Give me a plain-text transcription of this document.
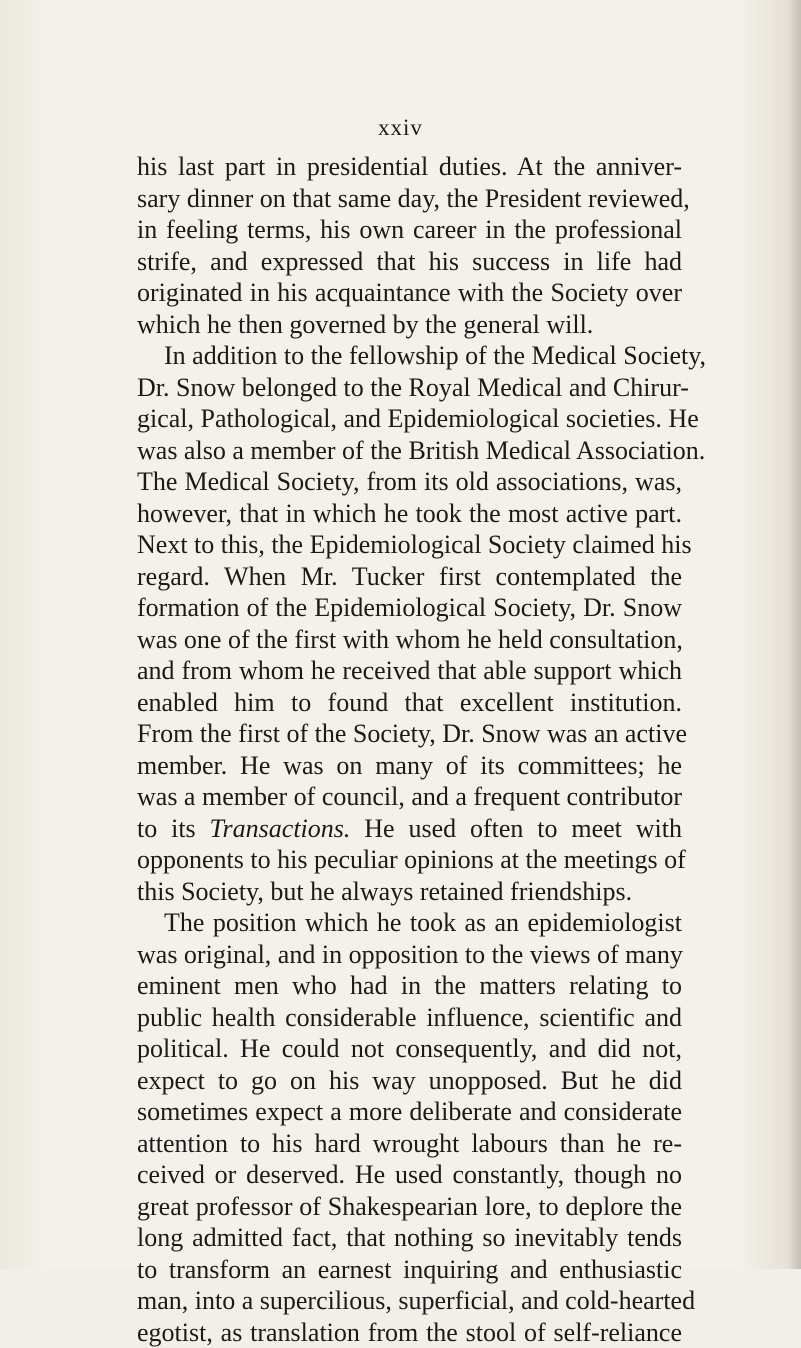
xxiv
his last part in presidential duties. At the anniver-
sary dinner on that same day, the President reviewed,
in feeling terms, his own career in the professional
strife, and expressed that his success in life had
originated in his acquaintance with the Society over
which he then governed by the general will.
In addition to the fellowship of the Medical Society,
Dr. Snow belonged to the Royal Medical and Chirur-
gical, Pathological, and Epidemiological societies. He
was also a member of the British Medical Association.
The Medical Society, from its old associations, was,
however, that in which he took the most active part.
Next to this, the Epidemiological Society claimed his
regard. When Mr. Tucker first contemplated the
formation of the Epidemiological Society, Dr. Snow
was one of the first with whom he held consultation,
and from whom he received that able support which
enabled him to found that excellent institution.
From the first of the Society, Dr. Snow was an active
member. He was on many of its committees; he
was a member of council, and a frequent contributor
to its Transactions. He used often to meet with
opponents to his peculiar opinions at the meetings of
this Society, but he always retained friendships.
The position which he took as an epidemiologist
was original, and in opposition to the views of many
eminent men who had in the matters relating to
public health considerable influence, scientific and
political. He could not consequently, and did not,
expect to go on his way unopposed. But he did
sometimes expect a more deliberate and considerate
attention to his hard wrought labours than he re-
ceived or deserved. He used constantly, though no
great professor of Shakespearian lore, to deplore the
long admitted fact, that nothing so inevitably tends
to transform an earnest inquiring and enthusiastic
man, into a supercilious, superficial, and cold-hearted
egotist, as translation from the stool of self-reliance
